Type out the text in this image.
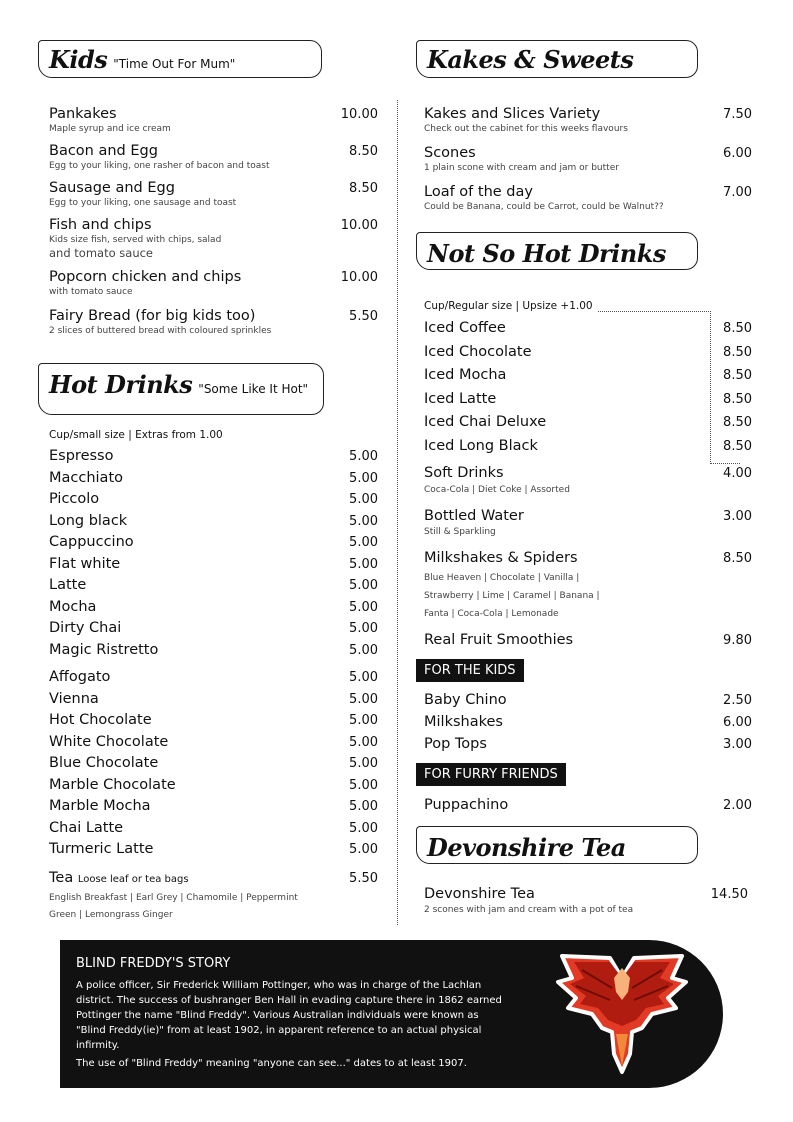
Kids "Time Out For Mum"
Pankakes	10.00
Maple syrup and ice cream
Bacon and Egg	8.50
Egg to your liking, one rasher of bacon and toast
Sausage and Egg	8.50
Egg to your liking, one sausage and toast
Fish and chips	10.00
Kids size fish, served with chips, salad
and tomato sauce
Popcorn chicken and chips	10.00
with tomato sauce
Fairy Bread (for big kids too)	5.50
2 slices of buttered bread with coloured sprinkles
Hot Drinks "Some Like It Hot"
Cup/small size | Extras from 1.00
Espresso	5.00
Macchiato	5.00
Piccolo	5.00
Long black	5.00
Cappuccino	5.00
Flat white	5.00
Latte	5.00
Mocha	5.00
Dirty Chai	5.00
Magic Ristretto	5.00
Affogato	5.00
Vienna	5.00
Hot Chocolate	5.00
White Chocolate	5.00
Blue Chocolate	5.00
Marble Chocolate	5.00
Marble Mocha	5.00
Chai Latte	5.00
Turmeric Latte	5.00
Tea Loose leaf or tea bags	5.50
English Breakfast | Earl Grey | Chamomile | Peppermint
Green | Lemongrass Ginger
Kakes & Sweets
Kakes and Slices Variety	7.50
Check out the cabinet for this weeks flavours
Scones	6.00
1 plain scone with cream and jam or butter
Loaf of the day	7.00
Could be Banana, could be Carrot, could be Walnut??
Not So Hot Drinks
Cup/Regular size | Upsize +1.00
Iced Coffee	8.50
Iced Chocolate	8.50
Iced Mocha	8.50
Iced Latte	8.50
Iced Chai Deluxe	8.50
Iced Long Black	8.50
Soft Drinks	4.00
Coca-Cola | Diet Coke | Assorted
Bottled Water	3.00
Still & Sparkling
Milkshakes & Spiders	8.50
Blue Heaven | Chocolate | Vanilla |
Strawberry | Lime | Caramel | Banana |
Fanta | Coca-Cola | Lemonade
Real Fruit Smoothies	9.80
FOR THE KIDS
Baby Chino	2.50
Milkshakes	6.00
Pop Tops	3.00
FOR FURRY FRIENDS
Puppachino	2.00
Devonshire Tea
Devonshire Tea	14.50
2 scones with jam and cream with a pot of tea
BLIND FREDDY'S STORY
A police officer, Sir Frederick William Pottinger, who was in charge of the Lachlan district. The success of bushranger Ben Hall in evading capture there in 1862 earned Pottinger the name "Blind Freddy". Various Australian individuals were known as "Blind Freddy(ie)" from at least 1902, in apparent reference to an actual physical infirmity.
The use of "Blind Freddy" meaning "anyone can see..." dates to at least 1907.
